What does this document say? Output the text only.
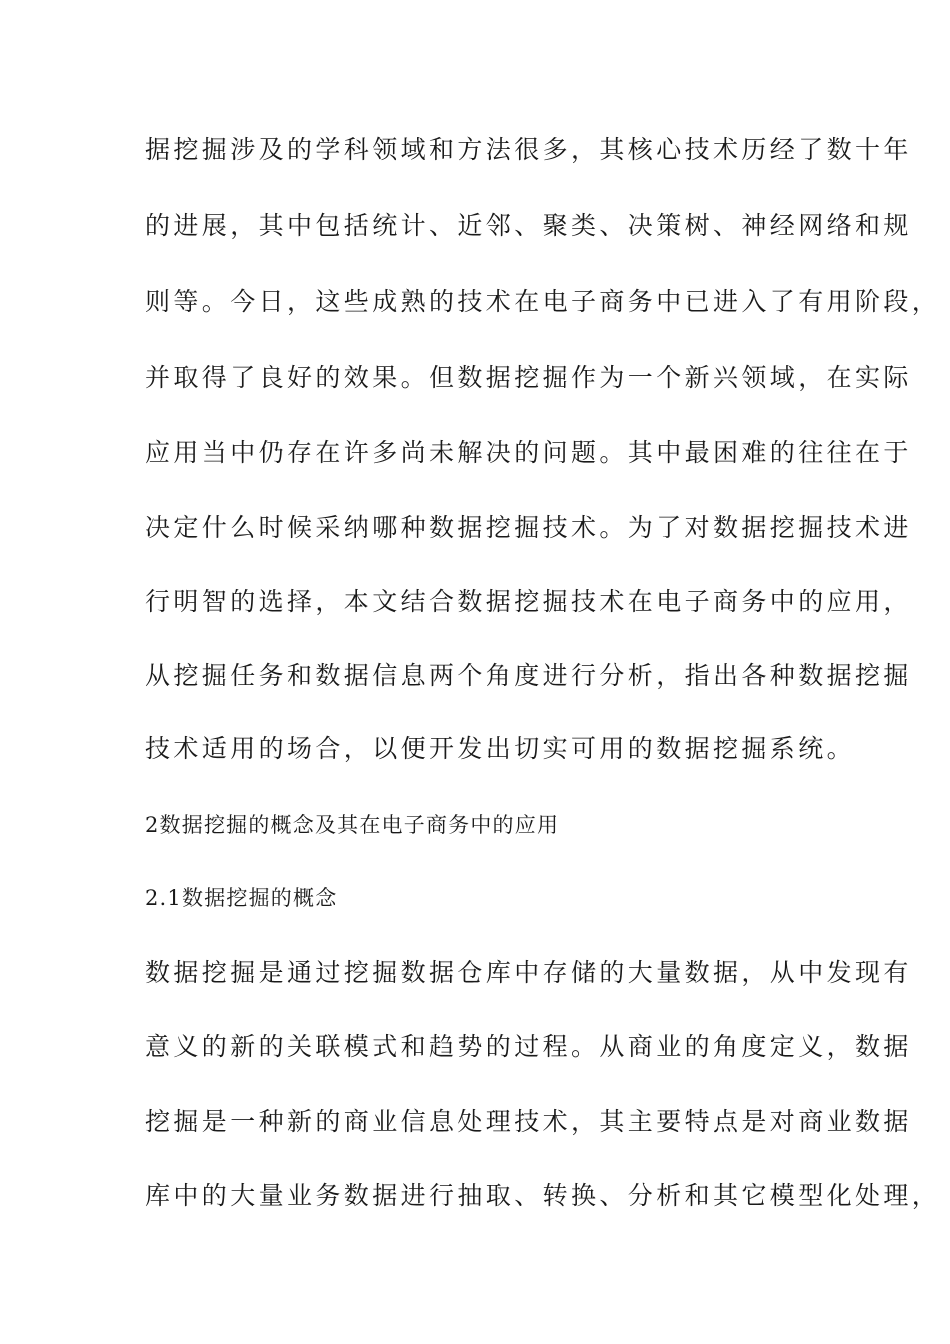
据挖掘涉及的学科领域和方法很多，其核心技术历经了数十年
的进展，其中包括统计、近邻、聚类、决策树、神经网络和规
则等。今日，这些成熟的技术在电子商务中已进入了有用阶段，
并取得了良好的效果。但数据挖掘作为一个新兴领域，在实际
应用当中仍存在许多尚未解决的问题。其中最困难的往往在于
决定什么时候采纳哪种数据挖掘技术。为了对数据挖掘技术进
行明智的选择，本文结合数据挖掘技术在电子商务中的应用，
从挖掘任务和数据信息两个角度进行分析，指出各种数据挖掘
技术适用的场合，以便开发出切实可用的数据挖掘系统。
2数据挖掘的概念及其在电子商务中的应用
2.1数据挖掘的概念
数据挖掘是通过挖掘数据仓库中存储的大量数据，从中发现有
意义的新的关联模式和趋势的过程。从商业的角度定义，数据
挖掘是一种新的商业信息处理技术，其主要特点是对商业数据
库中的大量业务数据进行抽取、转换、分析和其它模型化处理，
